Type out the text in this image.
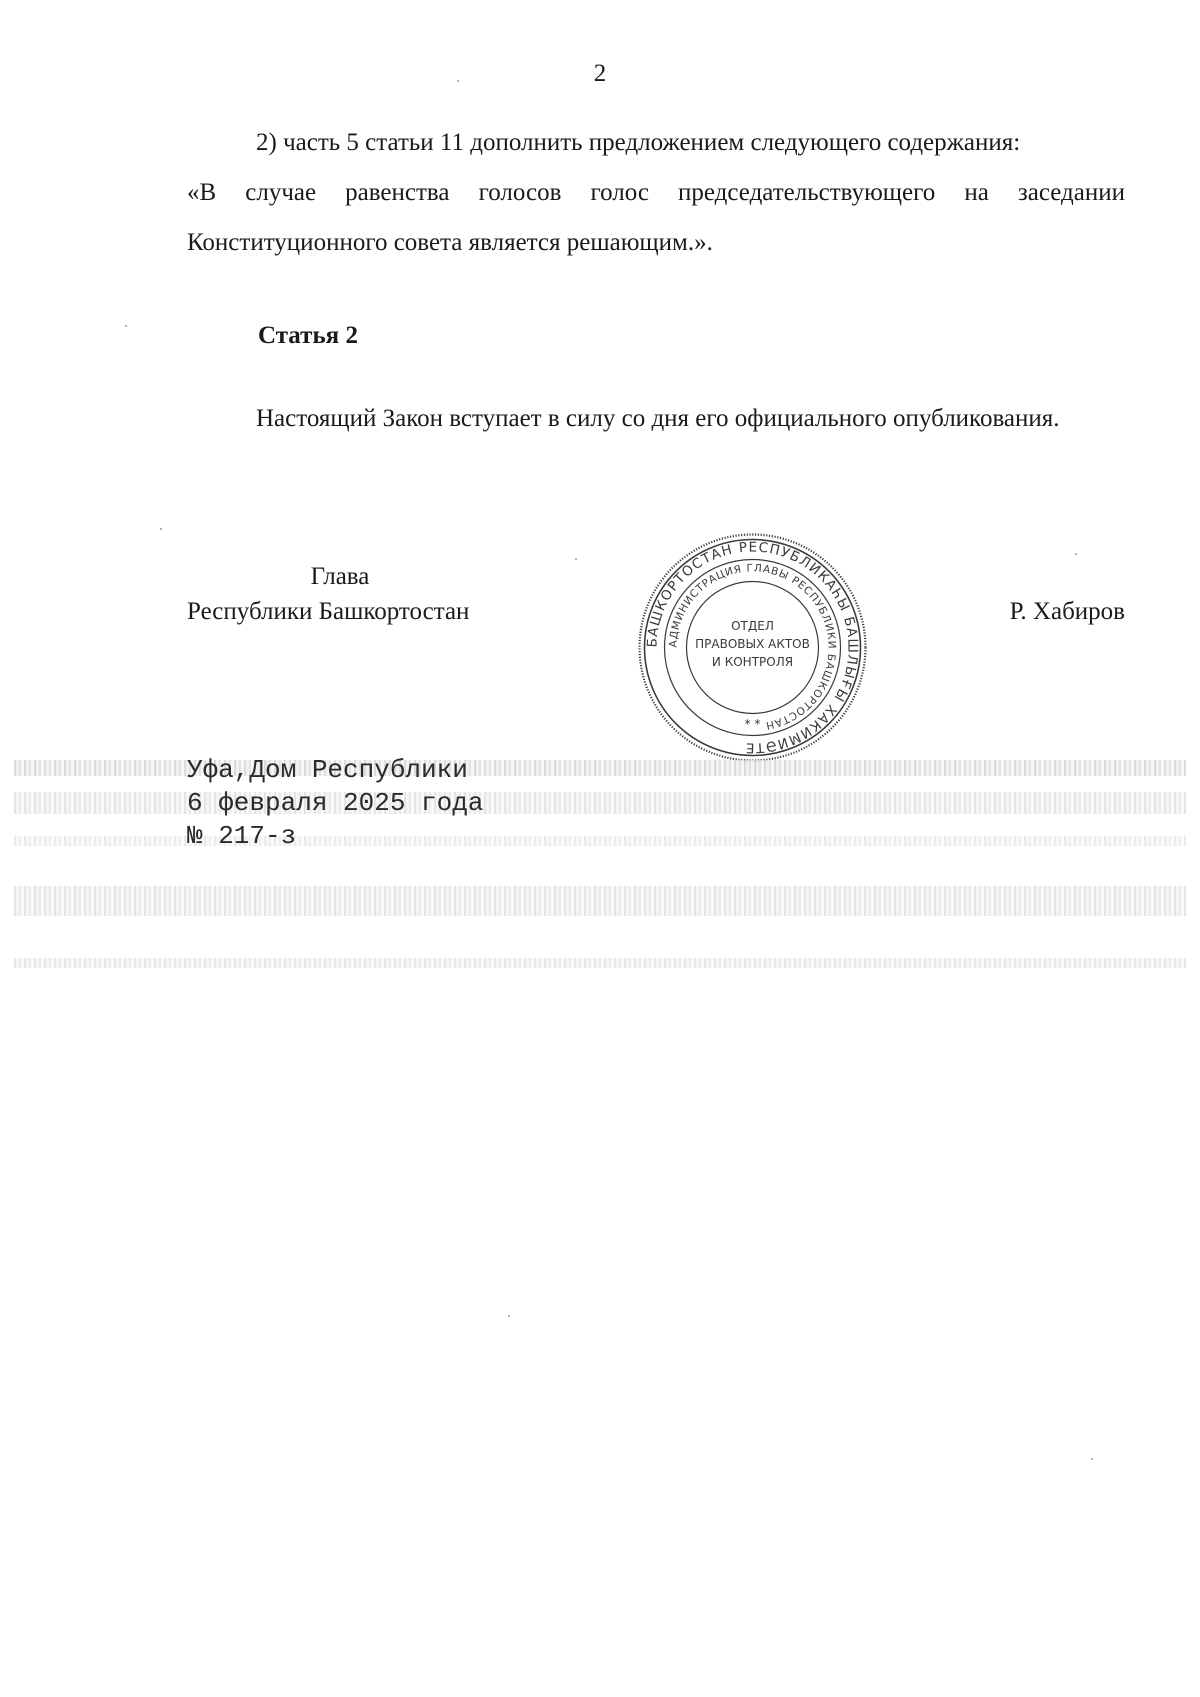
2

2) часть 5 статьи 11 дополнить предложением следующего содержания:

«В случае равенства голосов голос председательствующего на заседании Конституционного совета является решающим.».

Статья 2

Настоящий Закон вступает в силу со дня его официального опубликования.

Глава
Республики Башкортостан	Р. Хабиров
БАШКОРТОСТАН РЕСПУБЛИКАҺЫ БАШЛЫҒЫ ХАКИМИӘТЕ
АДМИНИСТРАЦИЯ ГЛАВЫ РЕСПУБЛИКИ БАШКОРТОСТАН
ОТДЕЛ
ПРАВОВЫХ АКТОВ
И КОНТРОЛЯ
* *
Уфа,Дом Республики
6 февраля 2025 года
№ 217-з
